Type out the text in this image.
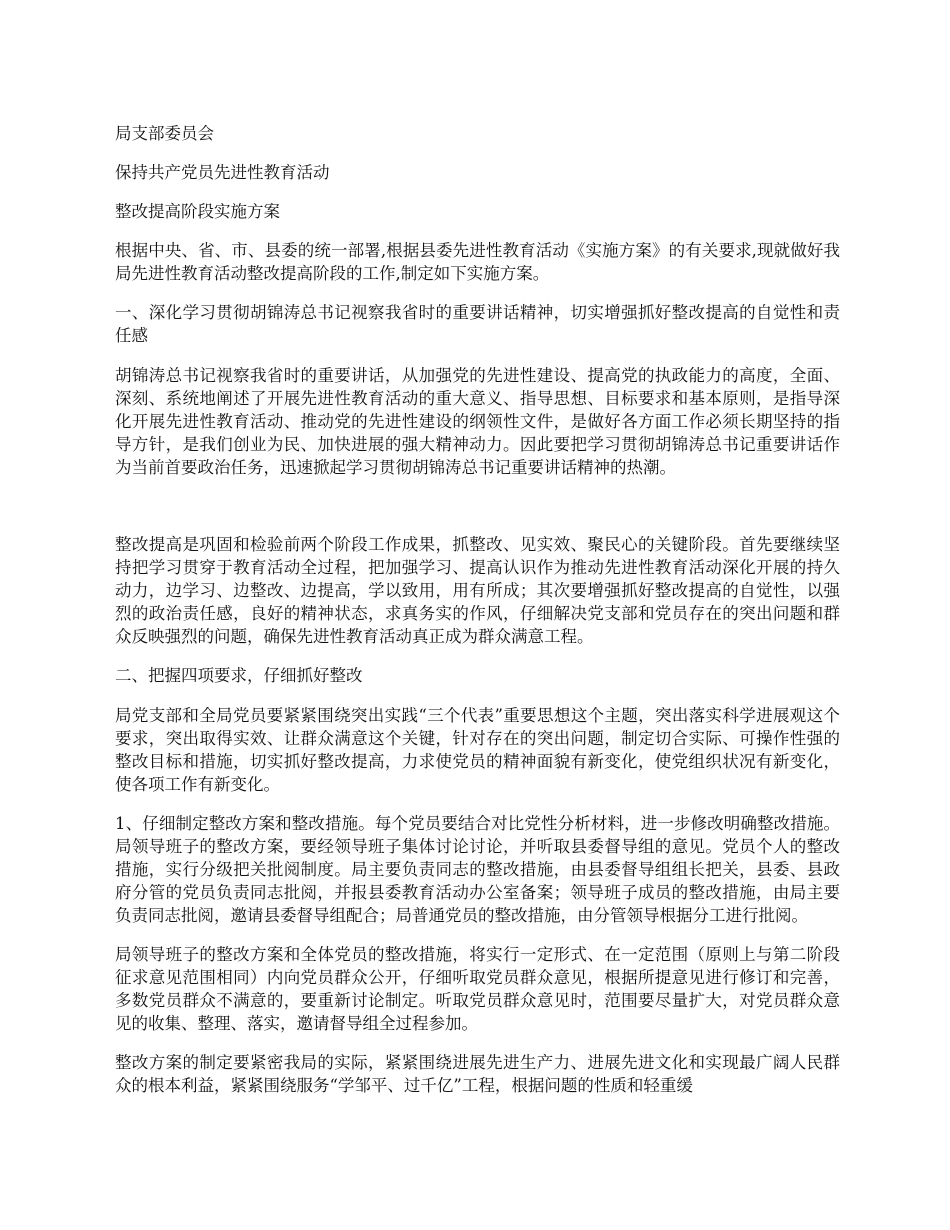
局支部委员会

保持共产党员先进性教育活动

整改提高阶段实施方案

根据中央、省、市、县委的统一部署,根据县委先进性教育活动《实施方案》的有关要求,现就做好我局先进性教育活动整改提高阶段的工作,制定如下实施方案。

一、深化学习贯彻胡锦涛总书记视察我省时的重要讲话精神，切实增强抓好整改提高的自觉性和责任感

胡锦涛总书记视察我省时的重要讲话，从加强党的先进性建设、提高党的执政能力的高度，全面、深刻、系统地阐述了开展先进性教育活动的重大意义、指导思想、目标要求和基本原则，是指导深化开展先进性教育活动、推动党的先进性建设的纲领性文件，是做好各方面工作必须长期坚持的指导方针，是我们创业为民、加快进展的强大精神动力。因此要把学习贯彻胡锦涛总书记重要讲话作为当前首要政治任务，迅速掀起学习贯彻胡锦涛总书记重要讲话精神的热潮。

整改提高是巩固和检验前两个阶段工作成果，抓整改、见实效、聚民心的关键阶段。首先要继续坚持把学习贯穿于教育活动全过程，把加强学习、提高认识作为推动先进性教育活动深化开展的持久动力，边学习、边整改、边提高，学以致用，用有所成；其次要增强抓好整改提高的自觉性，以强烈的政治责任感，良好的精神状态，求真务实的作风，仔细解决党支部和党员存在的突出问题和群众反映强烈的问题，确保先进性教育活动真正成为群众满意工程。

二、把握四项要求，仔细抓好整改

局党支部和全局党员要紧紧围绕突出实践“三个代表”重要思想这个主题，突出落实科学进展观这个要求，突出取得实效、让群众满意这个关键，针对存在的突出问题，制定切合实际、可操作性强的整改目标和措施，切实抓好整改提高，力求使党员的精神面貌有新变化，使党组织状况有新变化，使各项工作有新变化。

1、仔细制定整改方案和整改措施。每个党员要结合对比党性分析材料，进一步修改明确整改措施。局领导班子的整改方案，要经领导班子集体讨论讨论，并听取县委督导组的意见。党员个人的整改措施，实行分级把关批阅制度。局主要负责同志的整改措施，由县委督导组组长把关，县委、县政府分管的党员负责同志批阅，并报县委教育活动办公室备案；领导班子成员的整改措施，由局主要负责同志批阅，邀请县委督导组配合；局普通党员的整改措施，由分管领导根据分工进行批阅。

局领导班子的整改方案和全体党员的整改措施，将实行一定形式、在一定范围（原则上与第二阶段征求意见范围相同）内向党员群众公开，仔细听取党员群众意见，根据所提意见进行修订和完善，多数党员群众不满意的，要重新讨论制定。听取党员群众意见时，范围要尽量扩大，对党员群众意见的收集、整理、落实，邀请督导组全过程参加。

整改方案的制定要紧密我局的实际，紧紧围绕进展先进生产力、进展先进文化和实现最广阔人民群众的根本利益，紧紧围绕服务“学邹平、过千亿”工程，根据问题的性质和轻重缓
